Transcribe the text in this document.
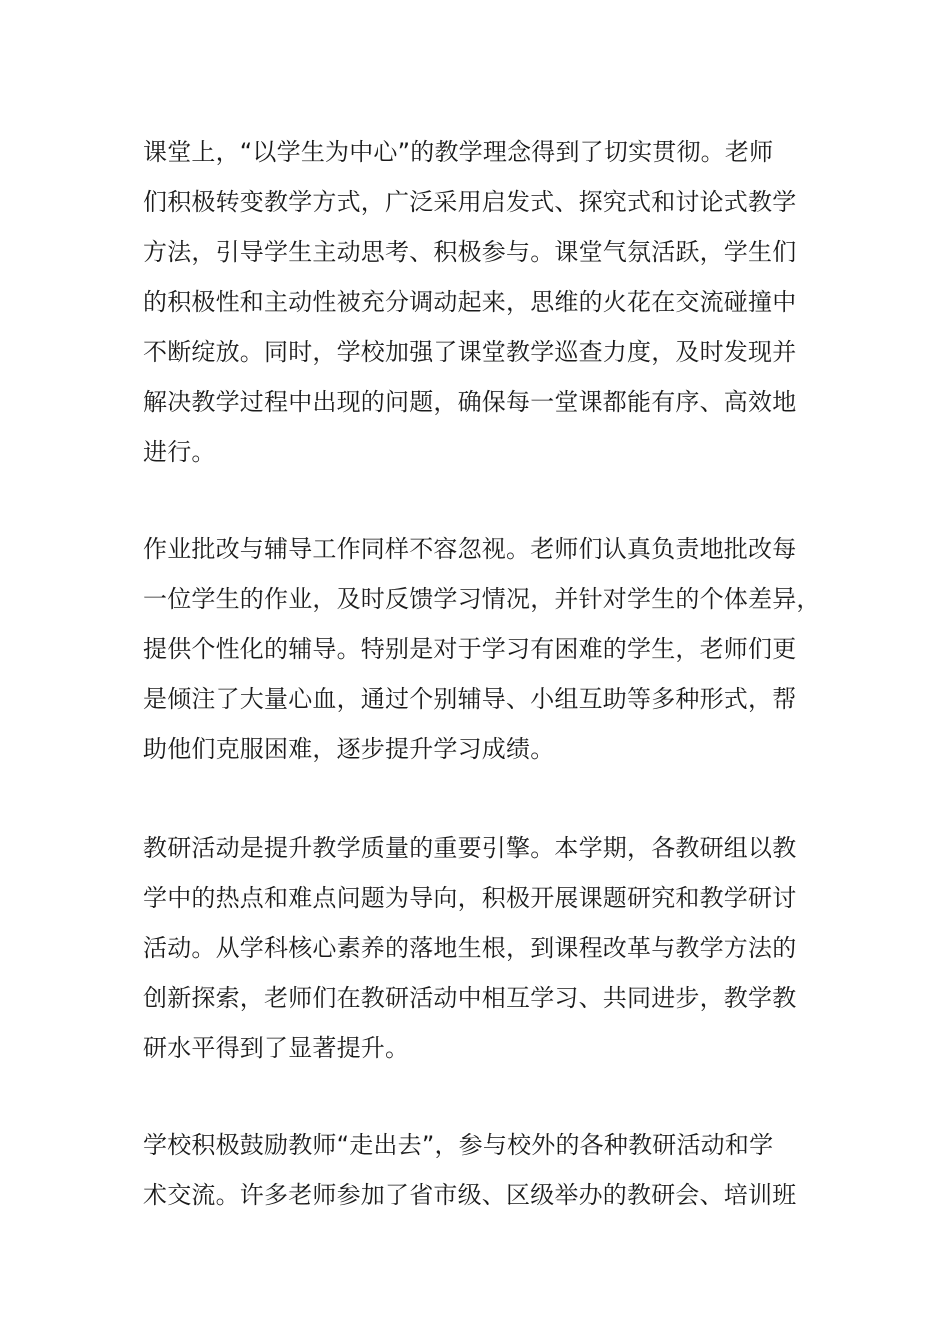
课堂上，“以学生为中心”的教学理念得到了切实贯彻。老师
们积极转变教学方式，广泛采用启发式、探究式和讨论式教学
方法，引导学生主动思考、积极参与。课堂气氛活跃，学生们
的积极性和主动性被充分调动起来，思维的火花在交流碰撞中
不断绽放。同时，学校加强了课堂教学巡查力度，及时发现并
解决教学过程中出现的问题，确保每一堂课都能有序、高效地
进行。
作业批改与辅导工作同样不容忽视。老师们认真负责地批改每
一位学生的作业，及时反馈学习情况，并针对学生的个体差异，
提供个性化的辅导。特别是对于学习有困难的学生，老师们更
是倾注了大量心血，通过个别辅导、小组互助等多种形式，帮
助他们克服困难，逐步提升学习成绩。
教研活动是提升教学质量的重要引擎。本学期，各教研组以教
学中的热点和难点问题为导向，积极开展课题研究和教学研讨
活动。从学科核心素养的落地生根，到课程改革与教学方法的
创新探索，老师们在教研活动中相互学习、共同进步，教学教
研水平得到了显著提升。
学校积极鼓励教师“走出去”，参与校外的各种教研活动和学
术交流。许多老师参加了省市级、区级举办的教研会、培训班
